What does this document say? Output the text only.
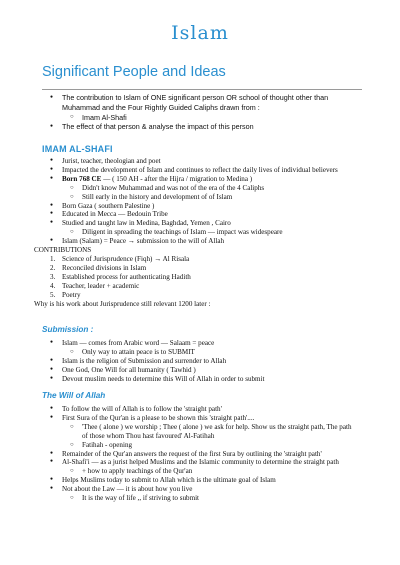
Islam
Significant People and Ideas
● The contribution to Islam of ONE significant person OR school of thought other than Muhammad and the Four Rightly Guided Caliphs drawn from :
○ Imam Al-Shafi
● The effect of that person & analyse the impact of this person
IMAM AL-SHAFI
● Jurist, teacher, theologian and poet
● Impacted the development of Islam and continues to reflect the daily lives of individual believers
● Born 768 CE — ( 150 AH - after the Hijra / migration to Medina )
○ Didn't know Muhammad and was not of the era of the 4 Caliphs
○ Still early in the history and development of of Islam
● Born Gaza ( southern Palestine )
● Educated in Mecca — Bedouin Tribe
● Studied and taught law in Medina, Baghdad, Yemen , Cairo
○ Diligent in spreading the teachings of Islam — impact was widespeare
● Islam (Salam) = Peace → submission to the will of Allah
CONTRIBUTIONS
1. Science of Jurisprudence (Fiqh) → Al Risala
2. Reconciled divisions in Islam
3. Established process for authenticating Hadith
4. Teacher, leader + academic
5. Poetry
Why is his work about Jurisprudence still relevant 1200 later :
Submission :
● Islam — comes from Arabic word — Salaam = peace
○ Only way to attain peace is to SUBMIT
● Islam is the religion of Submission and surrender to Allah
● One God, One Will for all humanity ( Tawhid )
● Devout muslim needs to determine this Will of Allah in order to submit
The Will of Allah
● To follow the will of Allah is to follow the 'straight path'
● First Sura of the Qur'an is a please to be shown this 'straight path'....
○ 'Thee ( alone ) we worship ; Thee ( alone ) we ask for help. Show us the straight path, The path of those whom Thou hast favoured' Al-Fatihah
○ Fatihah - opening
● Remainder of the Qur'an answers the request of the first Sura by outlining the 'straight path'
● Al-Shafi'i — as a jurist helped Muslims and the Islamic community to determine the straight path
○ + how to apply teachings of the Qur'an
● Helps Muslims today to submit to Allah which is the ultimate goal of Islam
● Not about the Law — it is about how you live
○ It is the way of life ,, if striving to submit
